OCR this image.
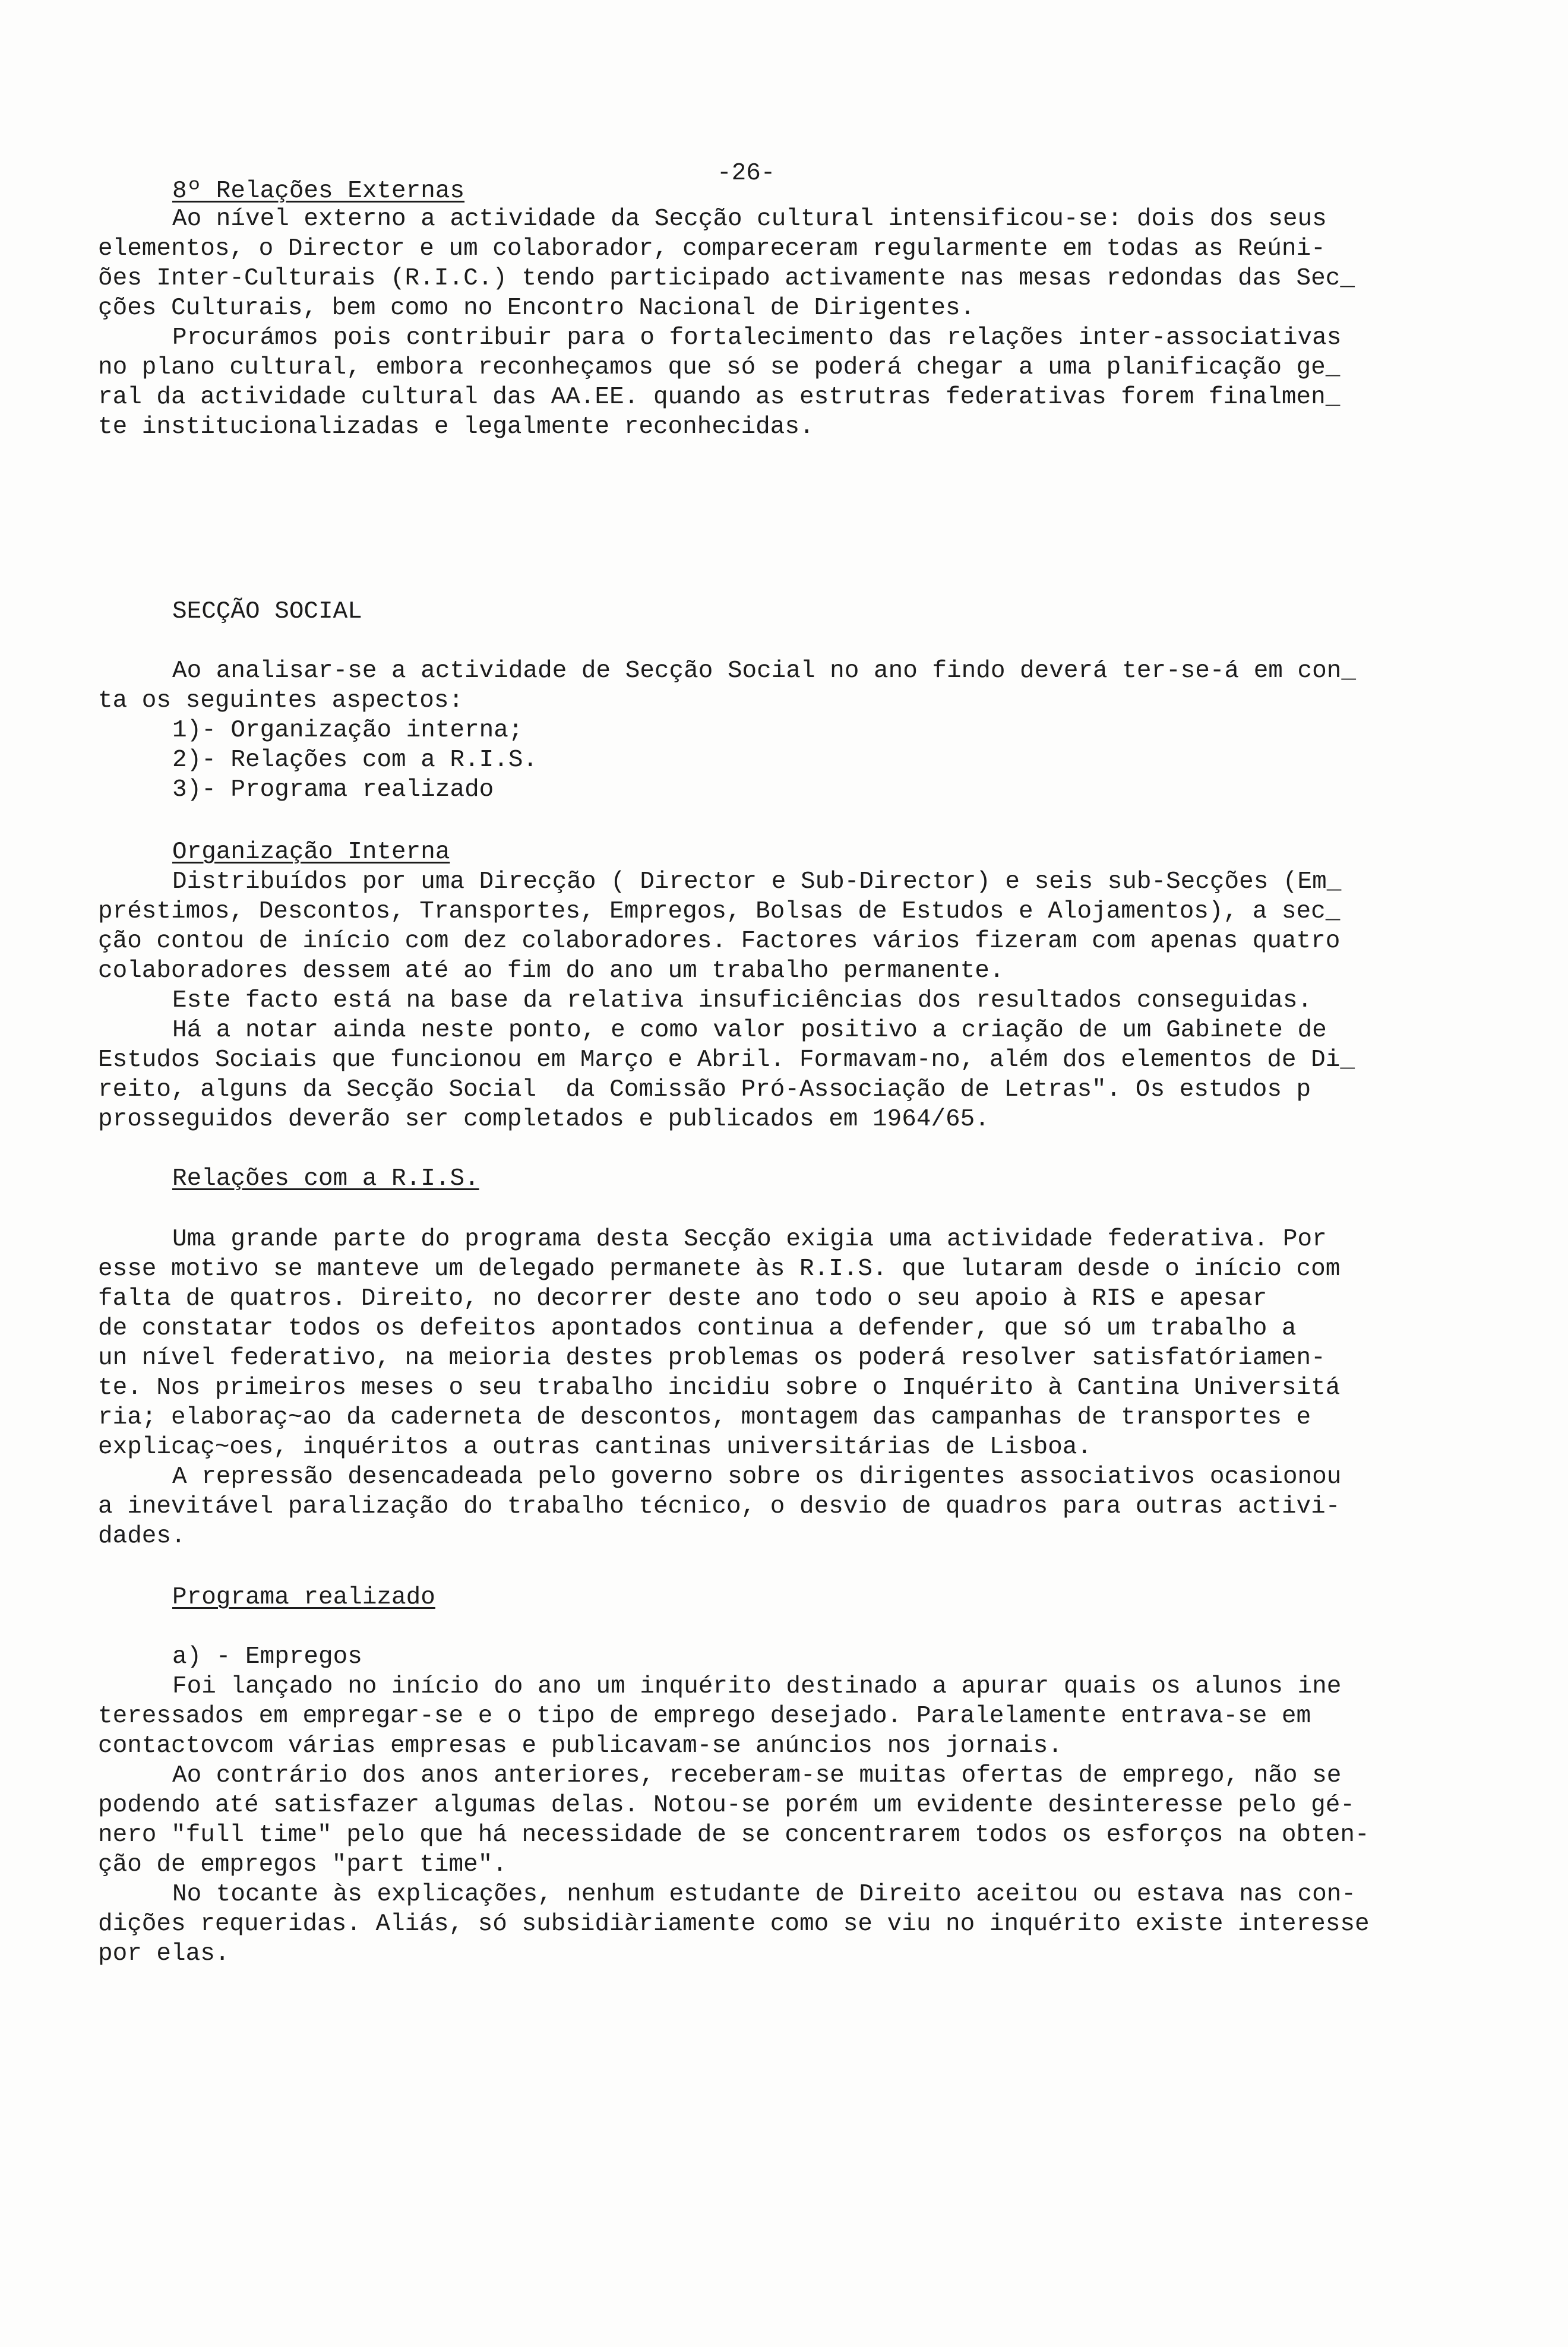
-26-
8º Relações Externas
Ao nível externo a actividade da Secção cultural intensificou-se: dois dos seus
elementos, o Director e um colaborador, compareceram regularmente em todas as Reúni-
ões Inter-Culturais (R.I.C.) tendo participado activamente nas mesas redondas das Sec_
ções Culturais, bem como no Encontro Nacional de Dirigentes.
Procurámos pois contribuir para o fortalecimento das relações inter-associativas
no plano cultural, embora reconheçamos que só se poderá chegar a uma planificação ge_
ral da actividade cultural das AA.EE. quando as estrutras federativas forem finalmen_
te institucionalizadas e legalmente reconhecidas.
SECÇÃO SOCIAL
Ao analisar-se a actividade de Secção Social no ano findo deverá ter-se-á em con_
ta os seguintes aspectos:
1)- Organização interna;
2)- Relações com a R.I.S.
3)- Programa realizado
Organização Interna
Distribuídos por uma Direcção ( Director e Sub-Director) e seis sub-Secções (Em_
préstimos, Descontos, Transportes, Empregos, Bolsas de Estudos e Alojamentos), a sec_
ção contou de início com dez colaboradores. Factores vários fizeram com apenas quatro
colaboradores dessem até ao fim do ano um trabalho permanente.
Este facto está na base da relativa insuficiências dos resultados conseguidas.
Há a notar ainda neste ponto, e como valor positivo a criação de um Gabinete de
Estudos Sociais que funcionou em Março e Abril. Formavam-no, além dos elementos de Di_
reito, alguns da Secção Social  da Comissão Pró-Associação de Letras". Os estudos p
prosseguidos deverão ser completados e publicados em 1964/65.
Relações com a R.I.S.
Uma grande parte do programa desta Secção exigia uma actividade federativa. Por
esse motivo se manteve um delegado permanete às R.I.S. que lutaram desde o início com
falta de quatros. Direito, no decorrer deste ano todo o seu apoio à RIS e apesar
de constatar todos os defeitos apontados continua a defender, que só um trabalho a
un nível federativo, na meioria destes problemas os poderá resolver satisfatóriamen-
te. Nos primeiros meses o seu trabalho incidiu sobre o Inquérito à Cantina Universitá
ria; elaboraç~ao da caderneta de descontos, montagem das campanhas de transportes e
explicaç~oes, inquéritos a outras cantinas universitárias de Lisboa.
A repressão desencadeada pelo governo sobre os dirigentes associativos ocasionou
a inevitável paralização do trabalho técnico, o desvio de quadros para outras activi-
dades.
Programa realizado
a) - Empregos
Foi lançado no início do ano um inquérito destinado a apurar quais os alunos ine
teressados em empregar-se e o tipo de emprego desejado. Paralelamente entrava-se em
contactovcom várias empresas e publicavam-se anúncios nos jornais.
Ao contrário dos anos anteriores, receberam-se muitas ofertas de emprego, não se
podendo até satisfazer algumas delas. Notou-se porém um evidente desinteresse pelo gé-
nero "full time" pelo que há necessidade de se concentrarem todos os esforços na obten-
ção de empregos "part time".
No tocante às explicações, nenhum estudante de Direito aceitou ou estava nas con-
dições requeridas. Aliás, só subsidiàriamente como se viu no inquérito existe interesse
por elas.
